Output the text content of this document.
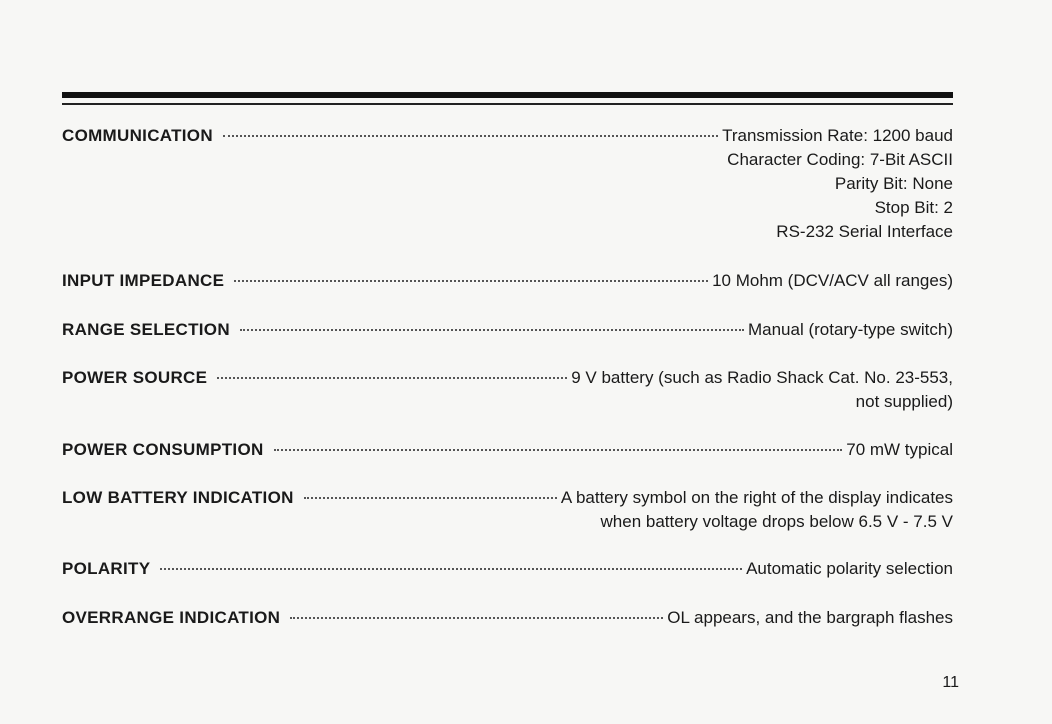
COMMUNICATION	Transmission Rate: 1200 baud
Character Coding: 7-Bit ASCII
Parity Bit: None
Stop Bit: 2
RS-232 Serial Interface
INPUT IMPEDANCE	10 Mohm (DCV/ACV all ranges)
RANGE SELECTION	Manual (rotary-type switch)
POWER SOURCE	9 V battery (such as Radio Shack Cat. No. 23-553,
not supplied)
POWER CONSUMPTION	70 mW typical
LOW BATTERY INDICATION	A battery symbol on the right of the display indicates
when battery voltage drops below 6.5 V - 7.5 V
POLARITY	Automatic polarity selection
OVERRANGE INDICATION	OL appears, and the bargraph flashes
11
